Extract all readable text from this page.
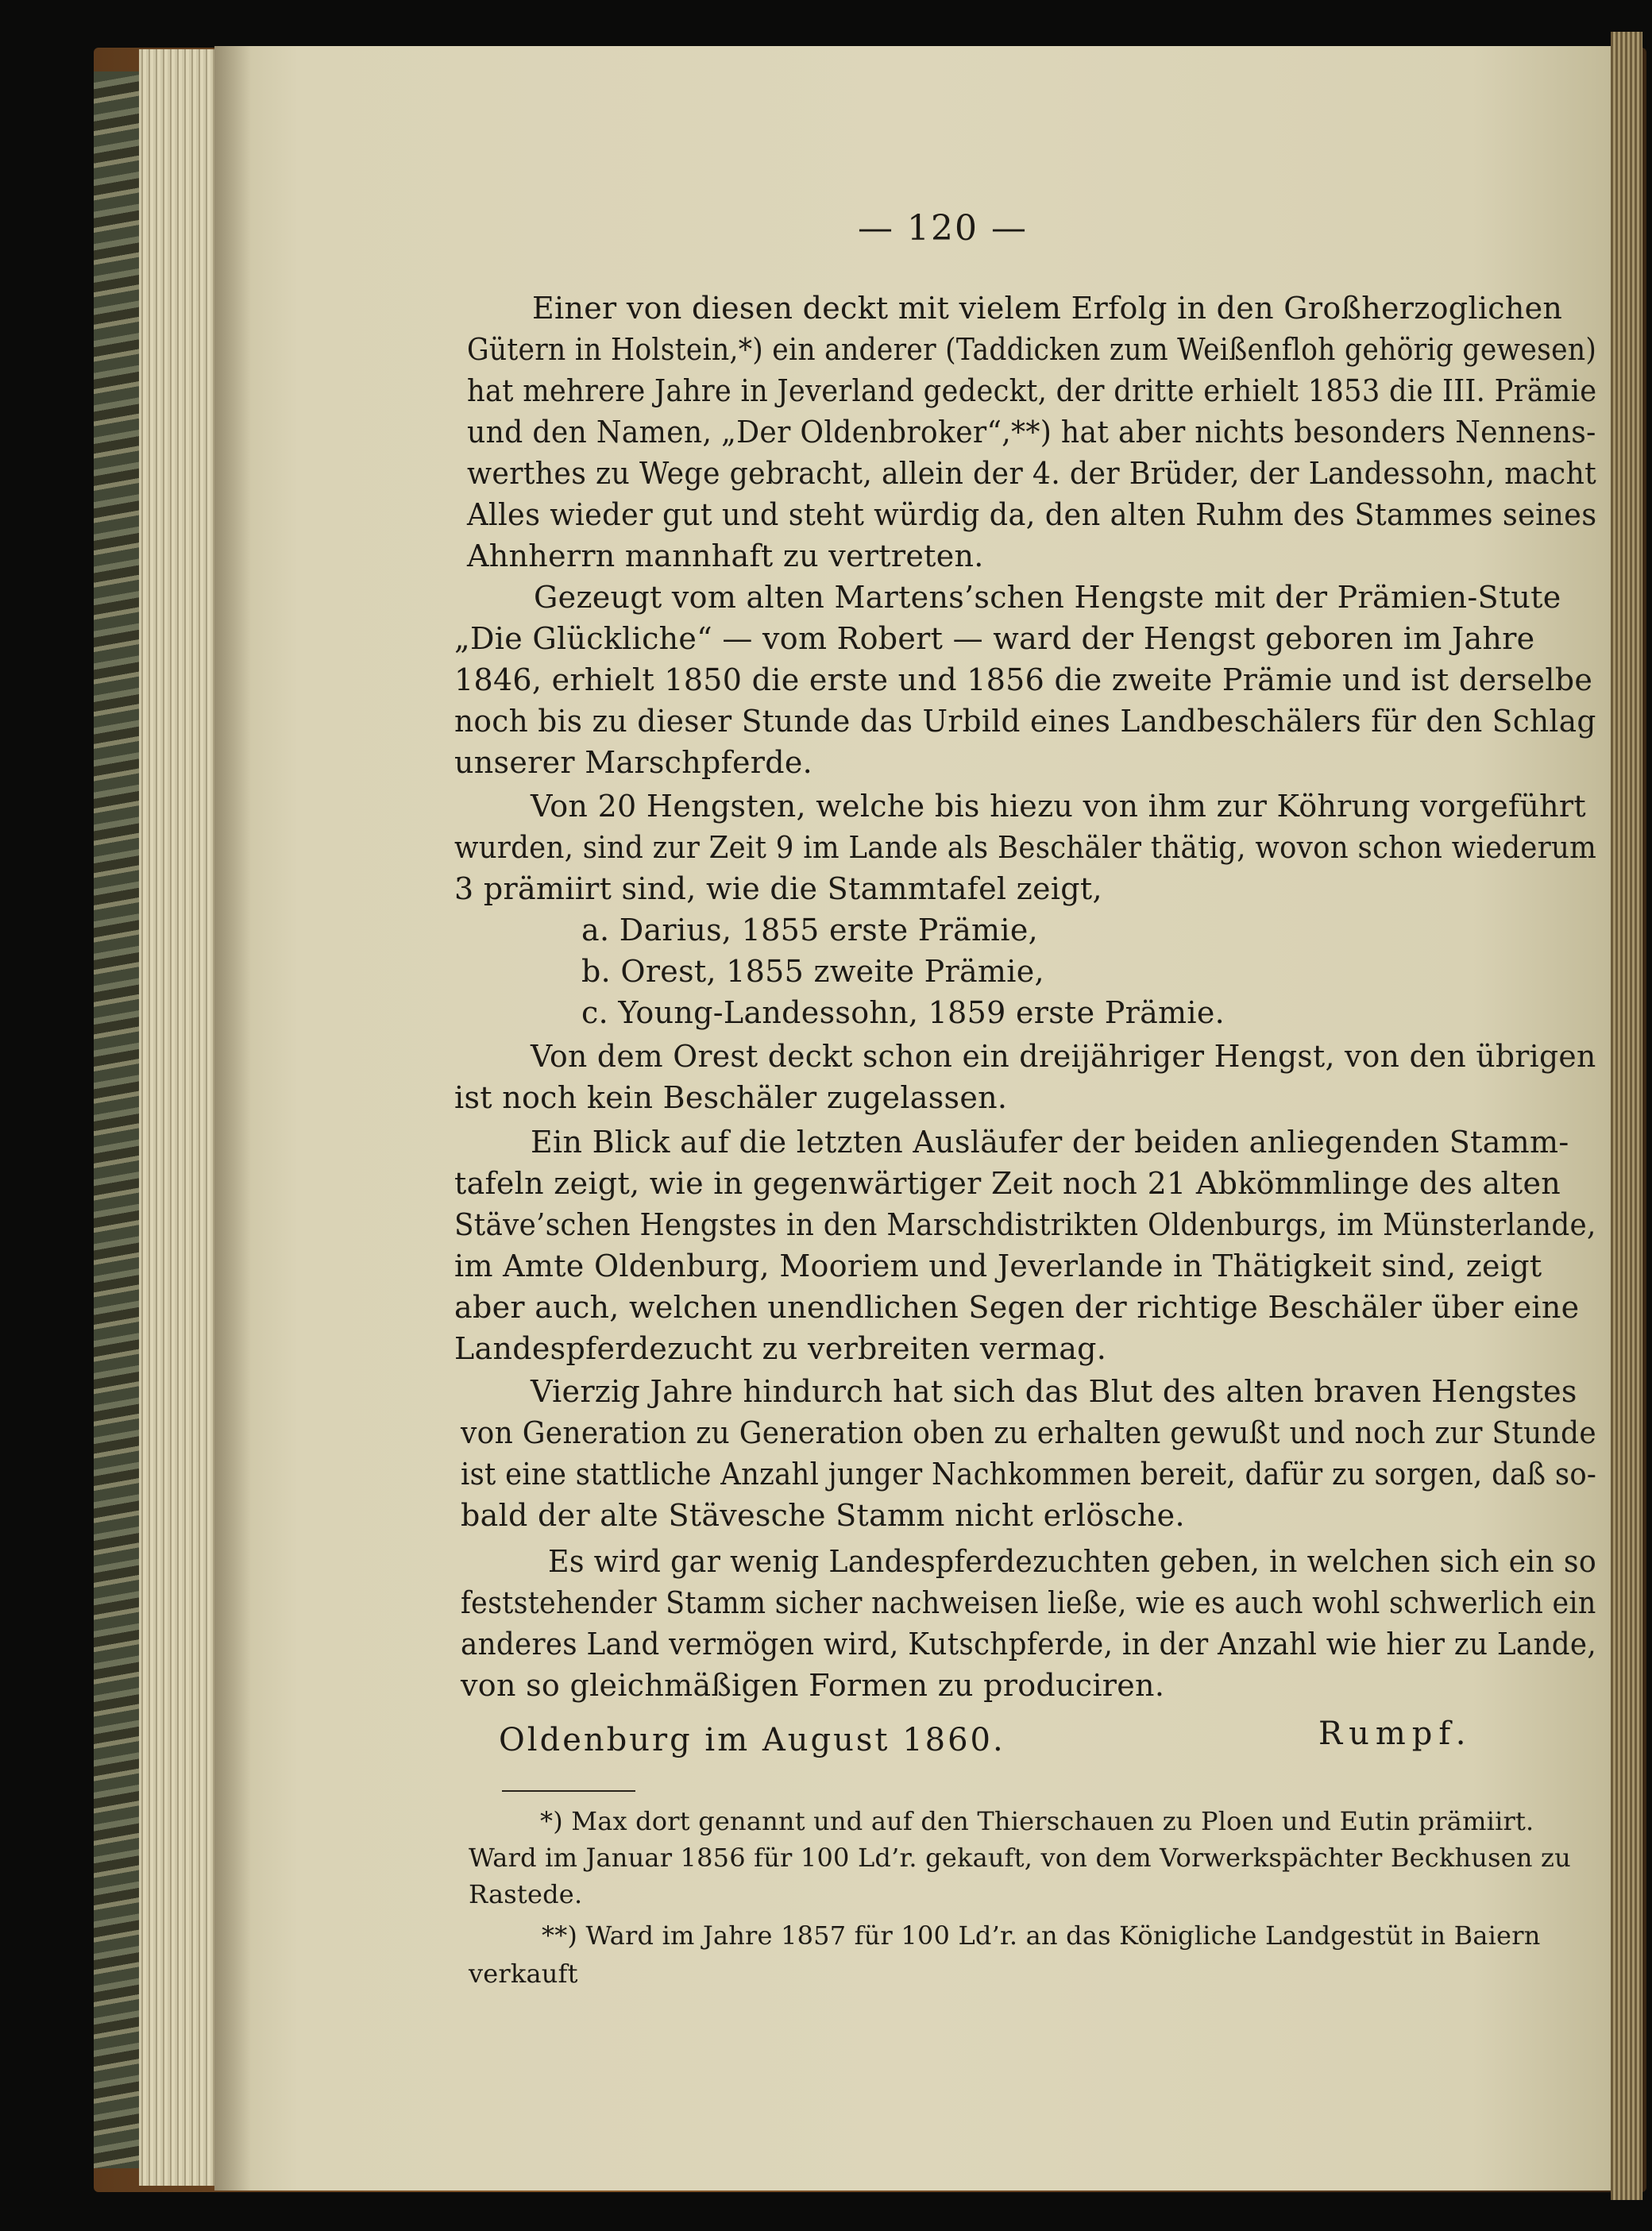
— 120 —
Einer von diesen deckt mit vielem Erfolg in den Großherzoglichen
Gütern in Holstein,*) ein anderer (Taddicken zum Weißenfloh gehörig gewesen)
hat mehrere Jahre in Jeverland gedeckt, der dritte erhielt 1853 die III. Prämie
und den Namen, „Der Oldenbroker“,**) hat aber nichts besonders Nennens-
werthes zu Wege gebracht, allein der 4. der Brüder, der Landessohn, macht
Alles wieder gut und steht würdig da, den alten Ruhm des Stammes seines
Ahnherrn mannhaft zu vertreten.
Gezeugt vom alten Martens’schen Hengste mit der Prämien-Stute
„Die Glückliche“ — vom Robert — ward der Hengst geboren im Jahre
1846, erhielt 1850 die erste und 1856 die zweite Prämie und ist derselbe
noch bis zu dieser Stunde das Urbild eines Landbeschälers für den Schlag
unserer Marschpferde.
Von 20 Hengsten, welche bis hiezu von ihm zur Köhrung vorgeführt
wurden, sind zur Zeit 9 im Lande als Beschäler thätig, wovon schon wiederum
3 prämiirt sind, wie die Stammtafel zeigt,
a. Darius, 1855 erste Prämie,
b. Orest, 1855 zweite Prämie,
c. Young-Landessohn, 1859 erste Prämie.
Von dem Orest deckt schon ein dreijähriger Hengst, von den übrigen
ist noch kein Beschäler zugelassen.
Ein Blick auf die letzten Ausläufer der beiden anliegenden Stamm-
tafeln zeigt, wie in gegenwärtiger Zeit noch 21 Abkömmlinge des alten
Stäve’schen Hengstes in den Marschdistrikten Oldenburgs, im Münsterlande,
im Amte Oldenburg, Mooriem und Jeverlande in Thätigkeit sind, zeigt
aber auch, welchen unendlichen Segen der richtige Beschäler über eine
Landespferdezucht zu verbreiten vermag.
Vierzig Jahre hindurch hat sich das Blut des alten braven Hengstes
von Generation zu Generation oben zu erhalten gewußt und noch zur Stunde
ist eine stattliche Anzahl junger Nachkommen bereit, dafür zu sorgen, daß so-
bald der alte Stävesche Stamm nicht erlösche.
Es wird gar wenig Landespferdezuchten geben, in welchen sich ein so
feststehender Stamm sicher nachweisen ließe, wie es auch wohl schwerlich ein
anderes Land vermögen wird, Kutschpferde, in der Anzahl wie hier zu Lande,
von so gleichmäßigen Formen zu produciren.
Oldenburg im August 1860.	Rumpf.
*) Max dort genannt und auf den Thierschauen zu Ploen und Eutin prämiirt.
Ward im Januar 1856 für 100 Ld’r. gekauft, von dem Vorwerkspächter Beckhusen zu
Rastede.
**) Ward im Jahre 1857 für 100 Ld’r. an das Königliche Landgestüt in Baiern
verkauft
